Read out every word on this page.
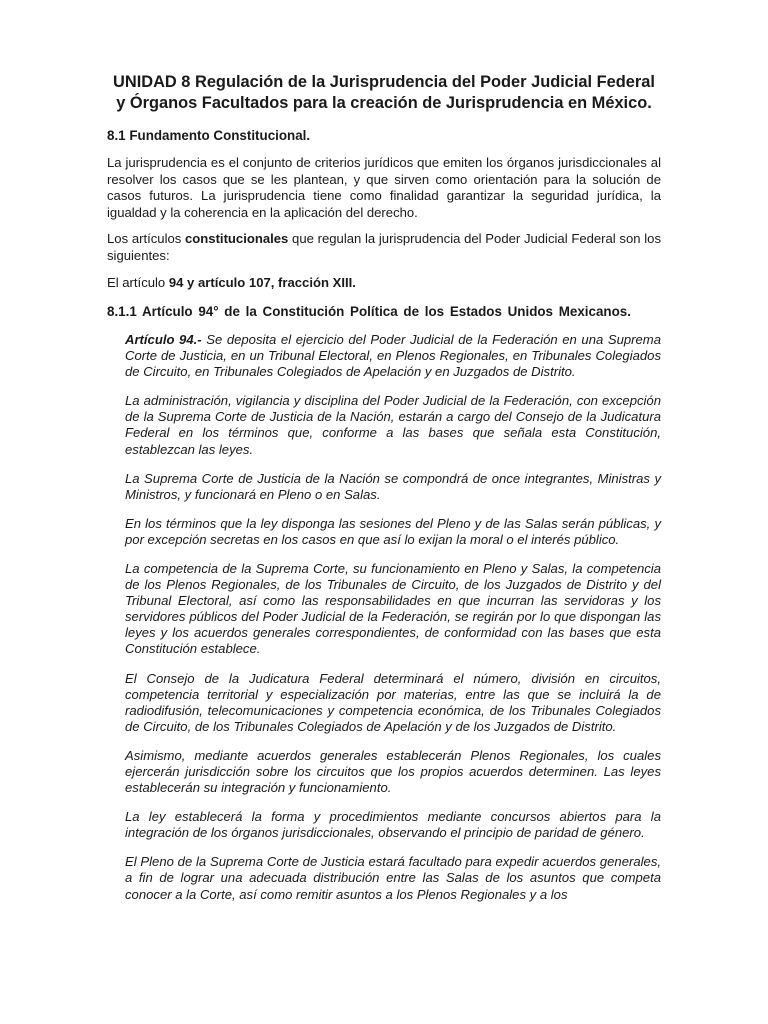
UNIDAD 8 Regulación de la Jurisprudencia del Poder Judicial Federal y Órganos Facultados para la creación de Jurisprudencia en México.
8.1 Fundamento Constitucional.

La jurisprudencia es el conjunto de criterios jurídicos que emiten los órganos jurisdiccionales al resolver los casos que se les plantean, y que sirven como orientación para la solución de casos futuros. La jurisprudencia tiene como finalidad garantizar la seguridad jurídica, la igualdad y la coherencia en la aplicación del derecho.

Los artículos constitucionales que regulan la jurisprudencia del Poder Judicial Federal son los siguientes:

El artículo 94 y artículo 107, fracción XIII.

8.1.1 Artículo 94° de la Constitución Política de los Estados Unidos Mexicanos.

Artículo 94.- Se deposita el ejercicio del Poder Judicial de la Federación en una Suprema Corte de Justicia, en un Tribunal Electoral, en Plenos Regionales, en Tribunales Colegiados de Circuito, en Tribunales Colegiados de Apelación y en Juzgados de Distrito.

La administración, vigilancia y disciplina del Poder Judicial de la Federación, con excepción de la Suprema Corte de Justicia de la Nación, estarán a cargo del Consejo de la Judicatura Federal en los términos que, conforme a las bases que señala esta Constitución, establezcan las leyes.

La Suprema Corte de Justicia de la Nación se compondrá de once integrantes, Ministras y Ministros, y funcionará en Pleno o en Salas.

En los términos que la ley disponga las sesiones del Pleno y de las Salas serán públicas, y por excepción secretas en los casos en que así lo exijan la moral o el interés público.

La competencia de la Suprema Corte, su funcionamiento en Pleno y Salas, la competencia de los Plenos Regionales, de los Tribunales de Circuito, de los Juzgados de Distrito y del Tribunal Electoral, así como las responsabilidades en que incurran las servidoras y los servidores públicos del Poder Judicial de la Federación, se regirán por lo que dispongan las leyes y los acuerdos generales correspondientes, de conformidad con las bases que esta Constitución establece.

El Consejo de la Judicatura Federal determinará el número, división en circuitos, competencia territorial y especialización por materias, entre las que se incluirá la de radiodifusión, telecomunicaciones y competencia económica, de los Tribunales Colegiados de Circuito, de los Tribunales Colegiados de Apelación y de los Juzgados de Distrito.

Asimismo, mediante acuerdos generales establecerán Plenos Regionales, los cuales ejercerán jurisdicción sobre los circuitos que los propios acuerdos determinen. Las leyes establecerán su integración y funcionamiento.

La ley establecerá la forma y procedimientos mediante concursos abiertos para la integración de los órganos jurisdiccionales, observando el principio de paridad de género.

El Pleno de la Suprema Corte de Justicia estará facultado para expedir acuerdos generales, a fin de lograr una adecuada distribución entre las Salas de los asuntos que competa conocer a la Corte, así como remitir asuntos a los Plenos Regionales y a los
